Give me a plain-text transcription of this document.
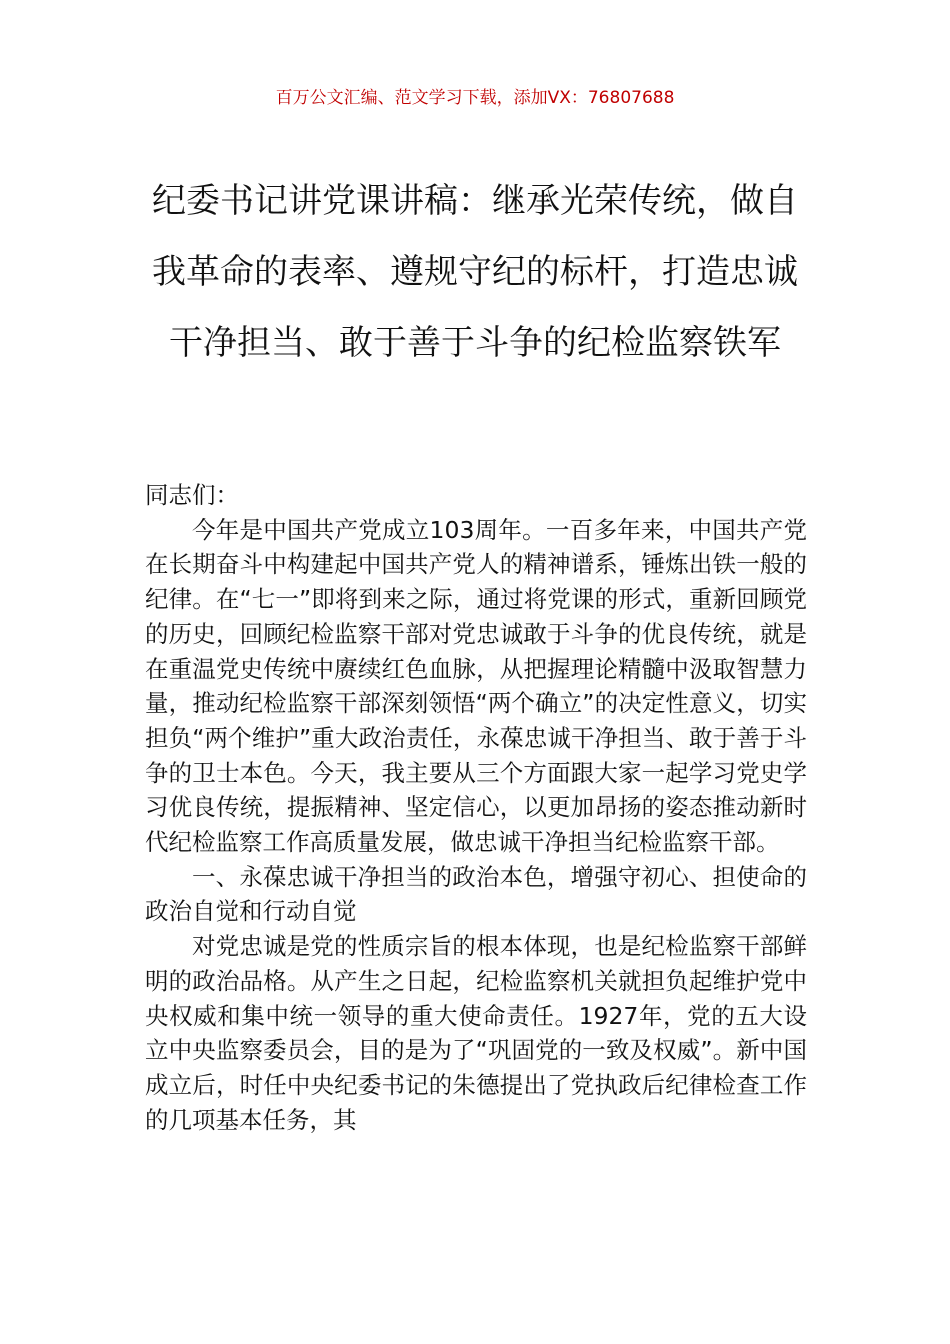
百万公文汇编、范文学习下载，添加VX：76807688
纪委书记讲党课讲稿：继承光荣传统，做自我革命的表率、遵规守纪的标杆，打造忠诚干净担当、敢于善于斗争的纪检监察铁军

同志们：

今年是中国共产党成立103周年。一百多年来，中国共产党在长期奋斗中构建起中国共产党人的精神谱系，锤炼出铁一般的纪律。在“七一”即将到来之际，通过将党课的形式，重新回顾党的历史，回顾纪检监察干部对党忠诚敢于斗争的优良传统，就是在重温党史传统中赓续红色血脉，从把握理论精髓中汲取智慧力量，推动纪检监察干部深刻领悟“两个确立”的决定性意义，切实担负“两个维护”重大政治责任，永葆忠诚干净担当、敢于善于斗争的卫士本色。今天，我主要从三个方面跟大家一起学习党史学习优良传统，提振精神、坚定信心，以更加昂扬的姿态推动新时代纪检监察工作高质量发展，做忠诚干净担当纪检监察干部。

一、永葆忠诚干净担当的政治本色，增强守初心、担使命的政治自觉和行动自觉

对党忠诚是党的性质宗旨的根本体现，也是纪检监察干部鲜明的政治品格。从产生之日起，纪检监察机关就担负起维护党中央权威和集中统一领导的重大使命责任。1927年，党的五大设立中央监察委员会，目的是为了“巩固党的一致及权威”。新中国成立后，时任中央纪委书记的朱德提出了党执政后纪律检查工作的几项基本任务，其
